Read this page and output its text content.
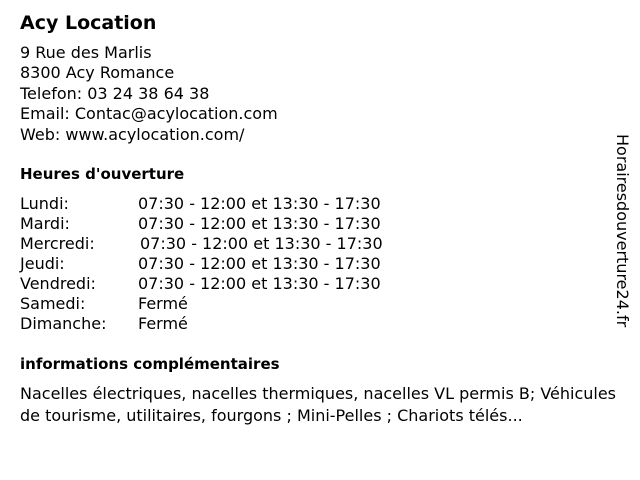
Acy Location
9 Rue des Marlis
8300 Acy Romance
Telefon: 03 24 38 64 38
Email: Contac@acylocation.com
Web: www.acylocation.com/
Heures d'ouverture
Lundi:	07:30 - 12:00 et 13:30 - 17:30
Mardi:	07:30 - 12:00 et 13:30 - 17:30
Mercredi:	07:30 - 12:00 et 13:30 - 17:30
Jeudi:	07:30 - 12:00 et 13:30 - 17:30
Vendredi:	07:30 - 12:00 et 13:30 - 17:30
Samedi:	Fermé
Dimanche: Fermé
informations complémentaires
Nacelles électriques, nacelles thermiques, nacelles VL permis B; Véhicules de tourisme, utilitaires, fourgons ; Mini-Pelles ; Chariots télés...
Horairesdouverture24.fr
